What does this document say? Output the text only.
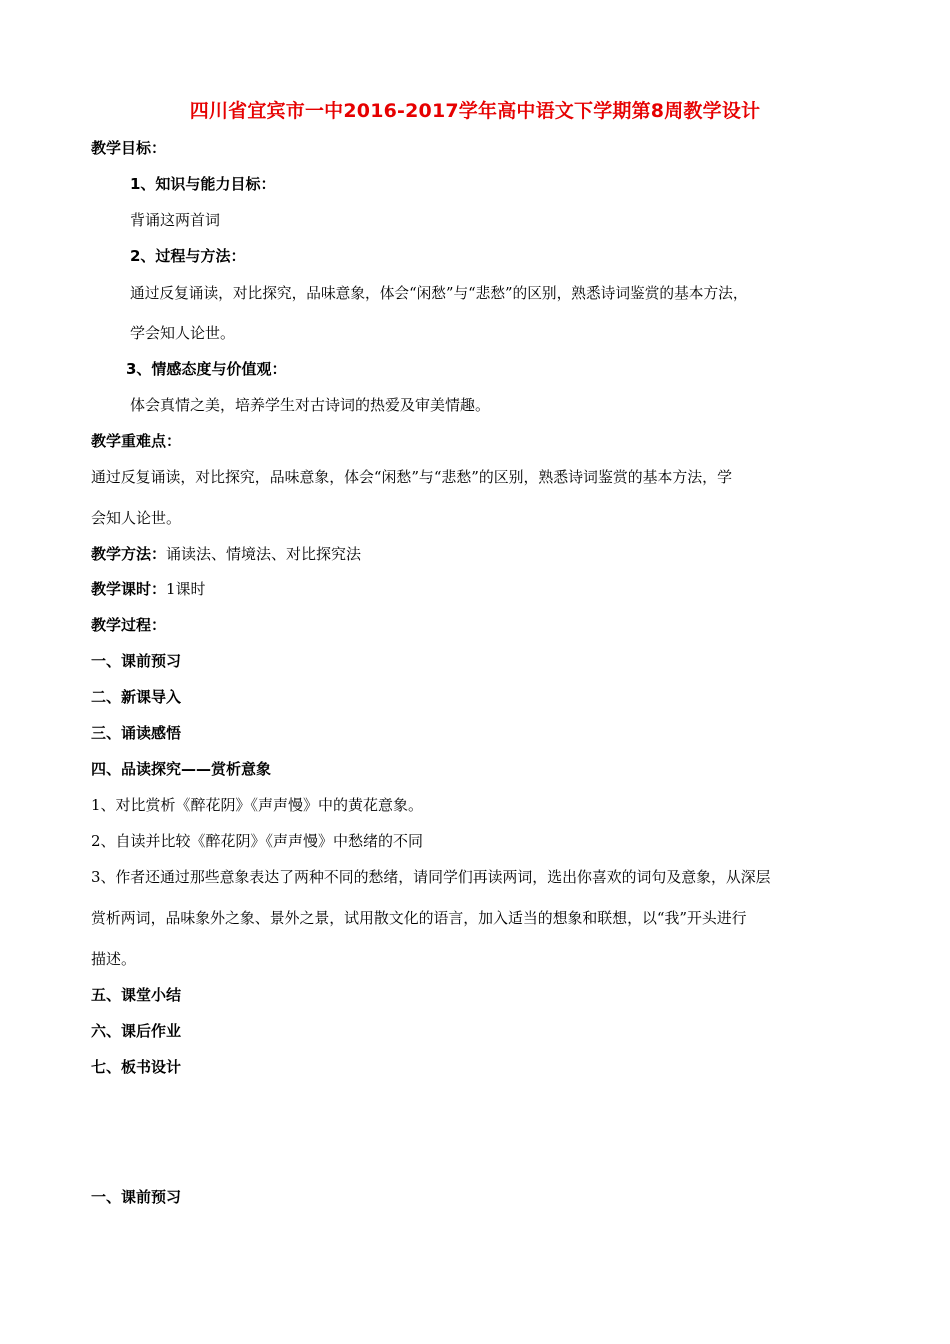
四川省宜宾市一中2016-2017学年高中语文下学期第8周教学设计
教学目标：
1、知识与能力目标：
背诵这两首词
2、过程与方法：
通过反复诵读，对比探究，品味意象，体会“闲愁”与“悲愁”的区别，熟悉诗词鉴赏的基本方法，
学会知人论世。
3、情感态度与价值观：
体会真情之美，培养学生对古诗词的热爱及审美情趣。
教学重难点：
通过反复诵读，对比探究，品味意象，体会“闲愁”与“悲愁”的区别，熟悉诗词鉴赏的基本方法，学
会知人论世。
教学方法：诵读法、情境法、对比探究法
教学课时：1课时
教学过程：
一、课前预习
二、新课导入
三、诵读感悟
四、品读探究——赏析意象
1、对比赏析《醉花阴》《声声慢》中的黄花意象。
2、自读并比较《醉花阴》《声声慢》中愁绪的不同
3、作者还通过那些意象表达了两种不同的愁绪，请同学们再读两词，选出你喜欢的词句及意象，从深层
赏析两词，品味象外之象、景外之景，试用散文化的语言，加入适当的想象和联想，以“我”开头进行
描述。
五、课堂小结
六、课后作业
七、板书设计
一、课前预习
